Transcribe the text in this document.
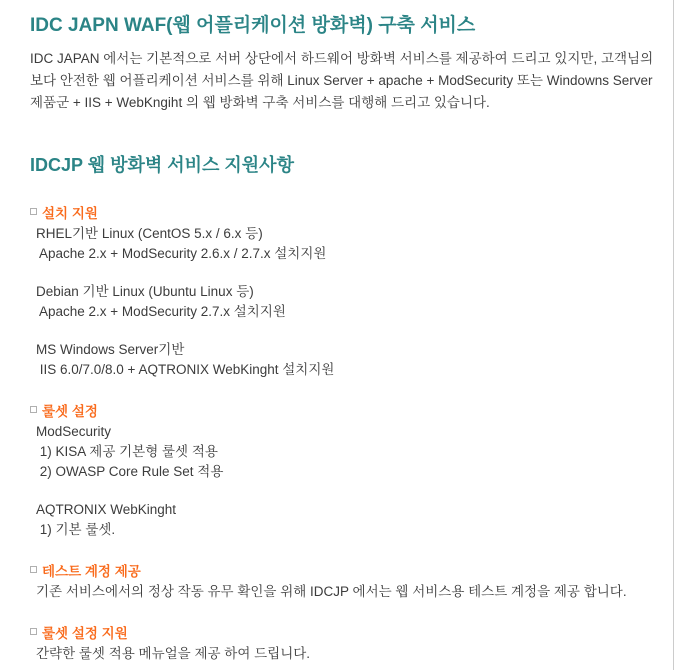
IDC JAPN WAF(웹 어플리케이션 방화벽) 구축 서비스

IDC JAPAN 에서는 기본적으로 서버 상단에서 하드웨어 방화벽 서비스를 제공하여 드리고 있지만, 고객님의 보다 안전한 웹 어플리케이션 서비스를 위해 Linux Server + apache + ModSecurity 또는 Windowns Server 제품군 + IIS + WebKngiht 의 웹 방화벽 구축 서비스를 대행해 드리고 있습니다.

IDCJP 웹 방화벽 서비스 지원사항
설치 지원
RHEL기반 Linux (CentOS 5.x / 6.x 등)
Apache 2.x + ModSecurity 2.6.x / 2.7.x 설치지원
Debian 기반 Linux (Ubuntu Linux 등)
Apache 2.x + ModSecurity 2.7.x 설치지원
MS Windows Server기반
IIS 6.0/7.0/8.0 + AQTRONIX WebKinght 설치지원
룰셋 설정
ModSecurity
1) KISA 제공 기본형 룰셋 적용
2) OWASP Core Rule Set 적용
AQTRONIX WebKinght
1) 기본 룰셋.
테스트 계정 제공
기존 서비스에서의 정상 작동 유무 확인을 위해 IDCJP 에서는 웹 서비스용 테스트 계정을 제공 합니다.
룰셋 설정 지원
간략한 룰셋 적용 메뉴얼을 제공 하여 드립니다.
